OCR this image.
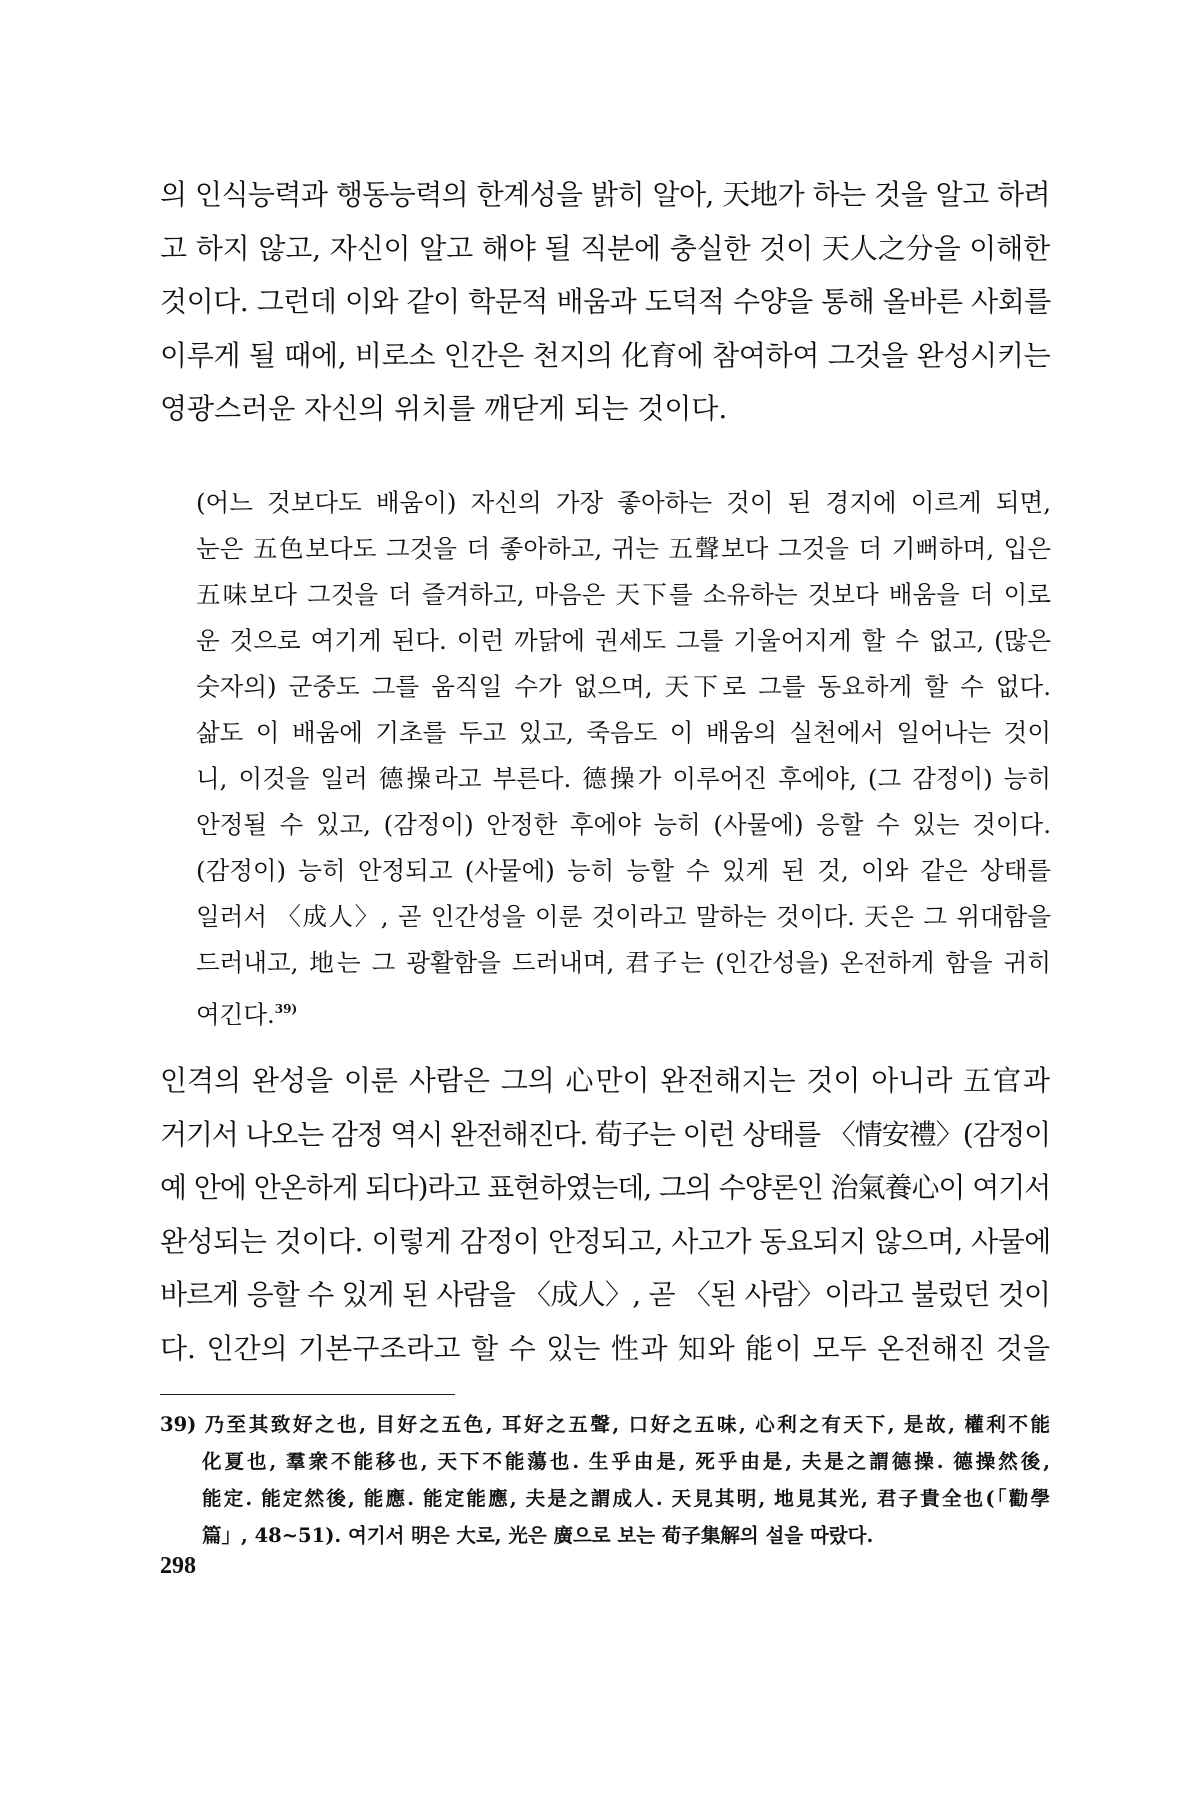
의 인식능력과 행동능력의 한계성을 밝히 알아, 天地가 하는 것을 알고 하려
고 하지 않고, 자신이 알고 해야 될 직분에 충실한 것이 天人之分을 이해한
것이다. 그런데 이와 같이 학문적 배움과 도덕적 수양을 통해 올바른 사회를
이루게 될 때에, 비로소 인간은 천지의 化育에 참여하여 그것을 완성시키는
영광스러운 자신의 위치를 깨닫게 되는 것이다.

(어느 것보다도 배움이) 자신의 가장 좋아하는 것이 된 경지에 이르게 되면,
눈은 五色보다도 그것을 더 좋아하고, 귀는 五聲보다 그것을 더 기뻐하며, 입은
五味보다 그것을 더 즐겨하고, 마음은 天下를 소유하는 것보다 배움을 더 이로
운 것으로 여기게 된다. 이런 까닭에 권세도 그를 기울어지게 할 수 없고, (많은
숫자의) 군중도 그를 움직일 수가 없으며, 天下로 그를 동요하게 할 수 없다.
삶도 이 배움에 기초를 두고 있고, 죽음도 이 배움의 실천에서 일어나는 것이
니, 이것을 일러 德操라고 부른다. 德操가 이루어진 후에야, (그 감정이) 능히
안정될 수 있고, (감정이) 안정한 후에야 능히 (사물에) 응할 수 있는 것이다.
(감정이) 능히 안정되고 (사물에) 능히 능할 수 있게 된 것, 이와 같은 상태를
일러서 〈成人〉, 곧 인간성을 이룬 것이라고 말하는 것이다. 天은 그 위대함을
드러내고, 地는 그 광활함을 드러내며, 君子는 (인간성을) 온전하게 함을 귀히
여긴다.$^{39)}$

인격의 완성을 이룬 사람은 그의 心만이 완전해지는 것이 아니라 五官과
거기서 나오는 감정 역시 완전해진다. 荀子는 이런 상태를 〈情安禮〉(감정이
예 안에 안온하게 되다)라고 표현하였는데, 그의 수양론인 治氣養心이 여기서
완성되는 것이다. 이렇게 감정이 안정되고, 사고가 동요되지 않으며, 사물에
바르게 응할 수 있게 된 사람을 〈成人〉, 곧 〈된 사람〉이라고 불렀던 것이
다. 인간의 기본구조라고 할 수 있는 性과 知와 能이 모두 온전해진 것을

39) 乃至其致好之也, 目好之五色, 耳好之五聲, 口好之五味, 心利之有天下, 是故, 權利不能
化夏也, 羣衆不能移也, 天下不能蕩也. 生乎由是, 死乎由是, 夫是之謂德操. 德操然後,
能定. 能定然後, 能應. 能定能應, 夫是之謂成人. 天見其明, 地見其光, 君子貴全也(「勸學
篇」, 48~51). 여기서 明은 大로, 光은 廣으로 보는 荀子集解의 설을 따랐다.
298
